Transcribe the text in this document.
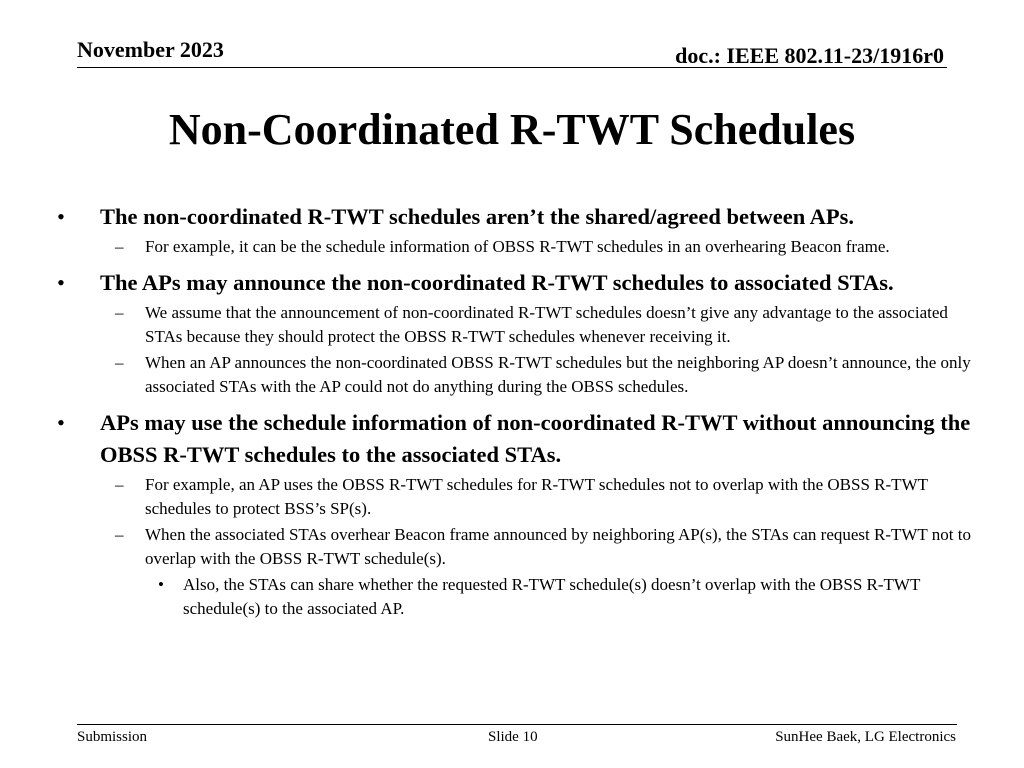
November 2023	doc.: IEEE 802.11-23/1916r0
Non-Coordinated R-TWT Schedules
• The non-coordinated R-TWT schedules aren’t the shared/agreed between APs.
– For example, it can be the schedule information of OBSS R-TWT schedules in an overhearing Beacon frame.
• The APs may announce the non-coordinated R-TWT schedules to associated STAs.
– We assume that the announcement of non-coordinated R-TWT schedules doesn’t give any advantage to the associated STAs because they should protect the OBSS R-TWT schedules whenever receiving it.
– When an AP announces the non-coordinated OBSS R-TWT schedules but the neighboring AP doesn’t announce, the only associated STAs with the AP could not do anything during the OBSS schedules.
• APs may use the schedule information of non-coordinated R-TWT without announcing the OBSS R-TWT schedules to the associated STAs.
– For example, an AP uses the OBSS R-TWT schedules for R-TWT schedules not to overlap with the OBSS R-TWT schedules to protect BSS’s SP(s).
– When the associated STAs overhear Beacon frame announced by neighboring AP(s), the STAs can request R-TWT not to overlap with the OBSS R-TWT schedule(s).
• Also, the STAs can share whether the requested R-TWT schedule(s) doesn’t overlap with the OBSS R-TWT schedule(s) to the associated AP.
Submission	Slide 10	SunHee Baek, LG Electronics
